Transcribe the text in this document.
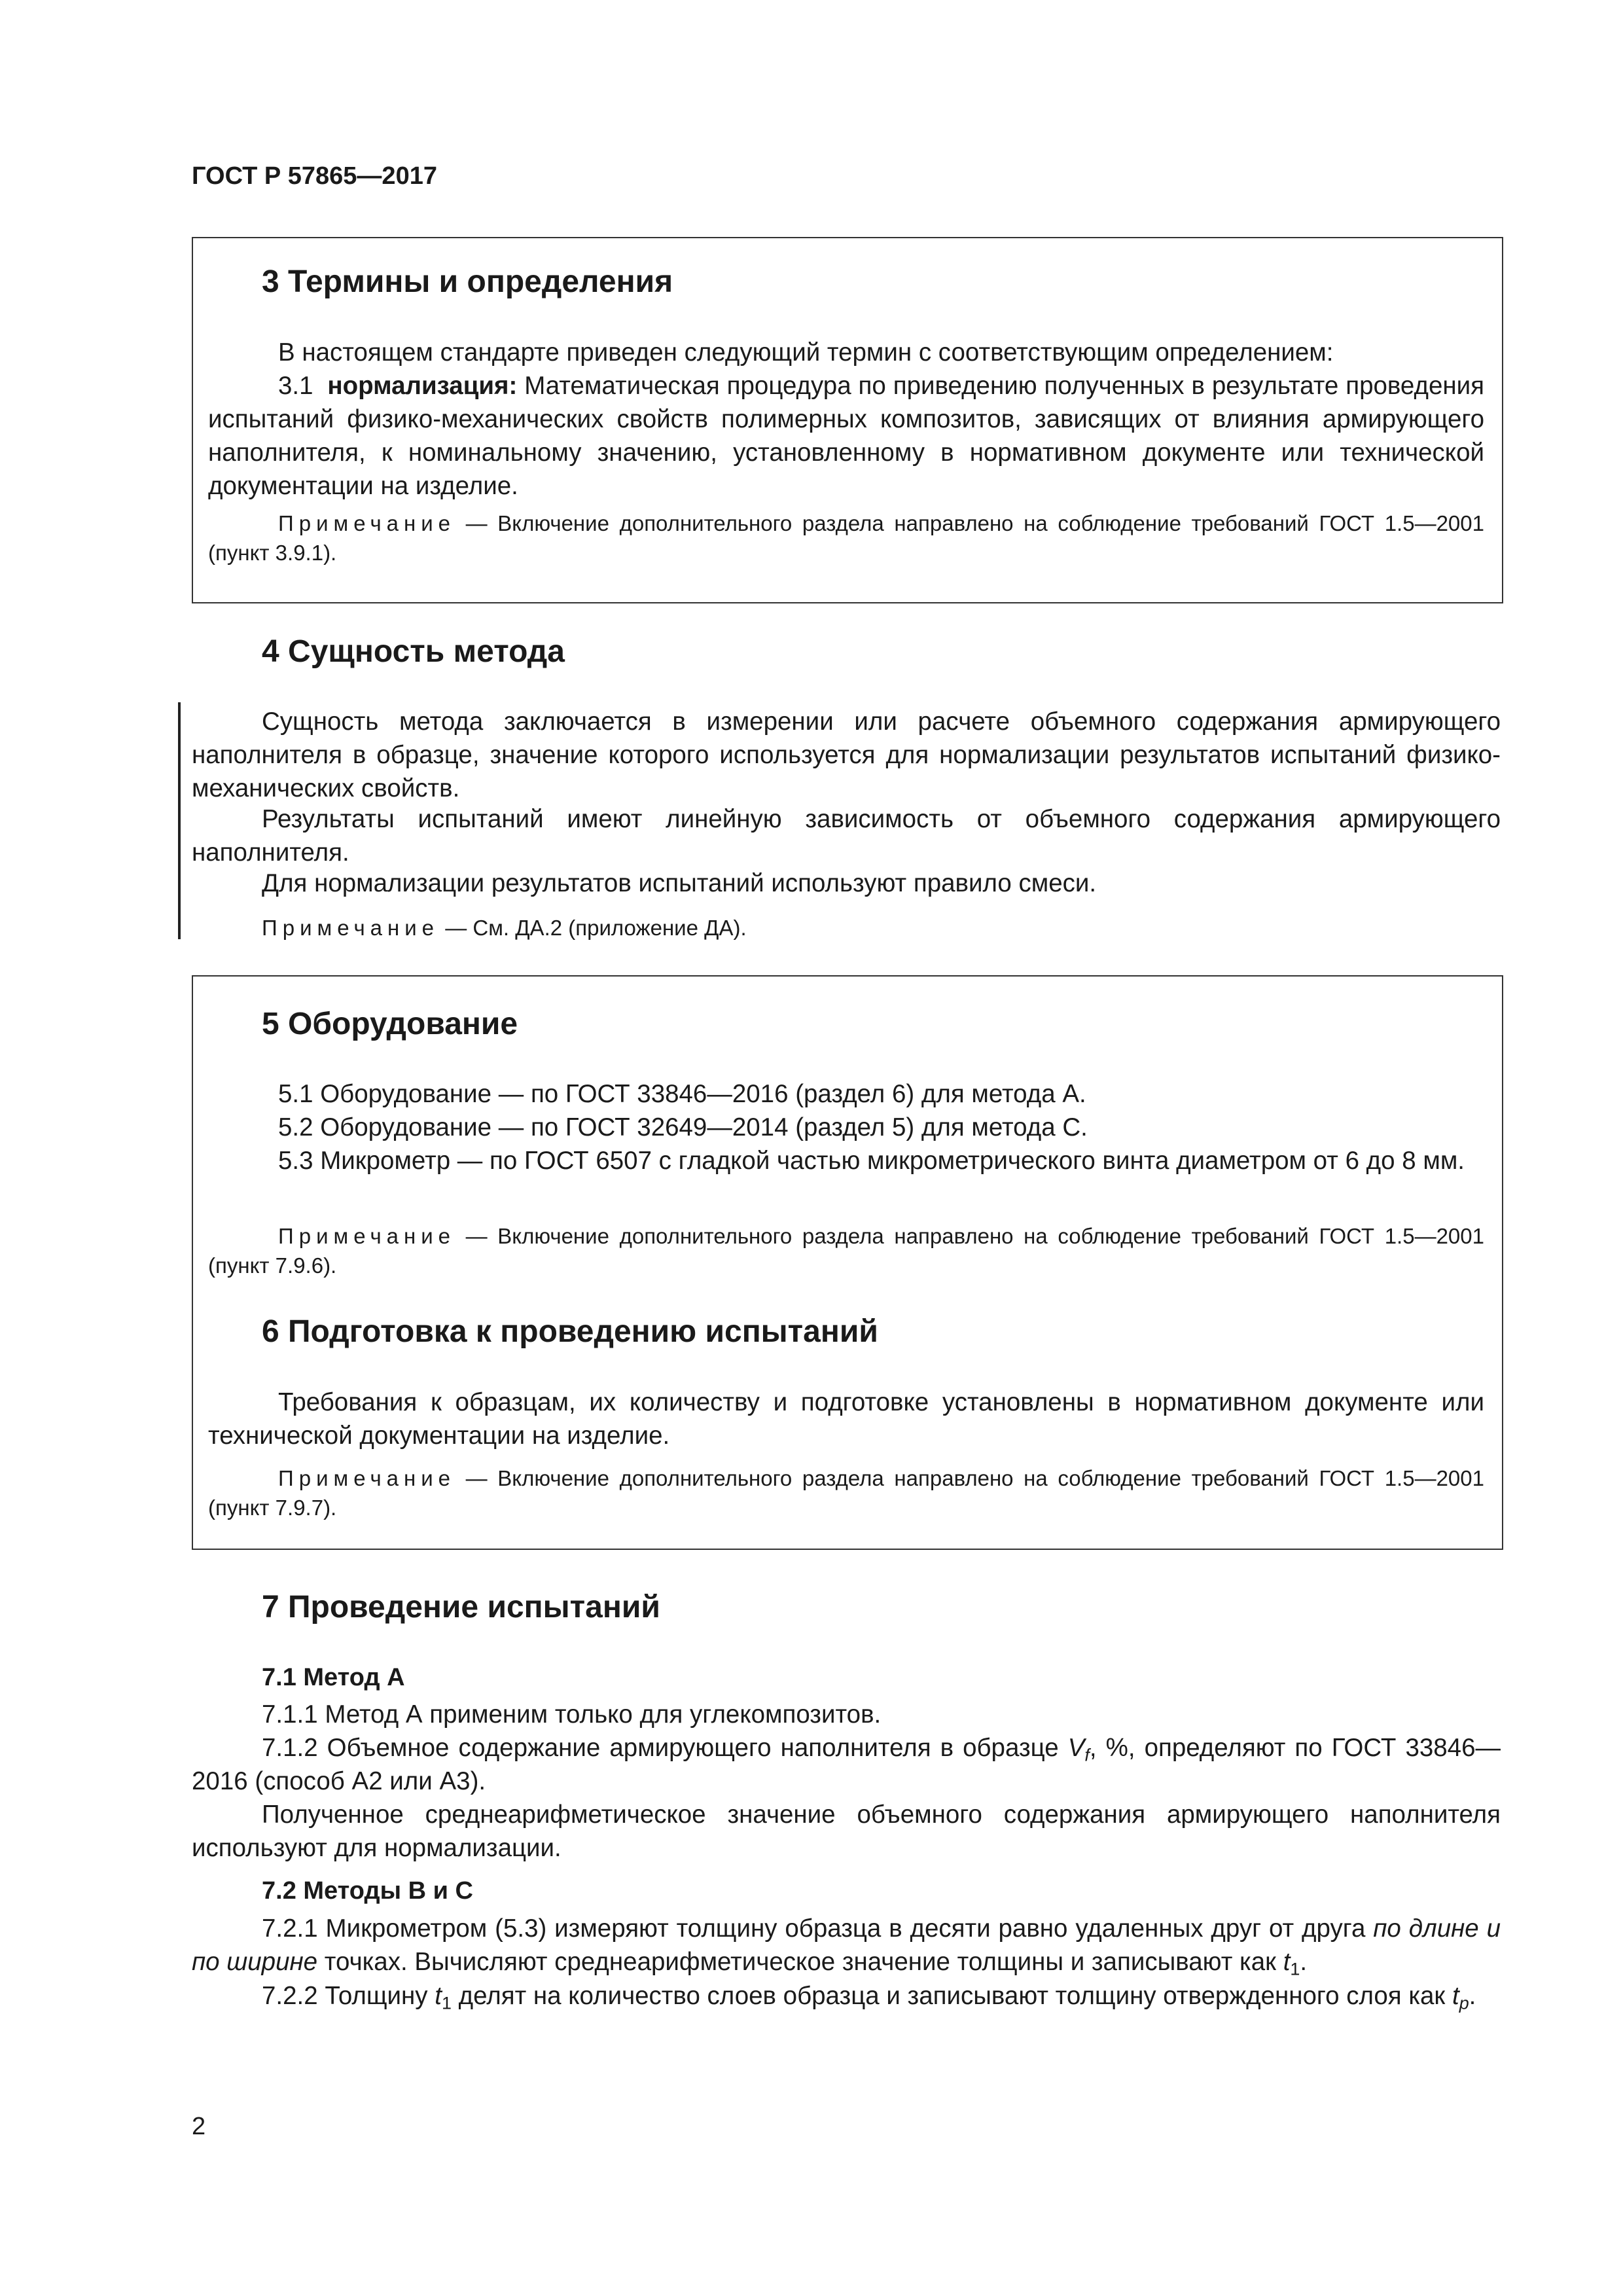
ГОСТ Р 57865—2017
3 Термины и определения

В настоящем стандарте приведен следующий термин с соответствующим определением:

3.1 нормализация: Математическая процедура по приведению полученных в результате проведения испытаний физико-механических свойств полимерных композитов, зависящих от влияния армирующего наполнителя, к номинальному значению, установленному в нормативном документе или технической документации на изделие.

Примечание — Включение дополнительного раздела направлено на соблюдение требований ГОСТ 1.5—2001 (пункт 3.9.1).

4 Сущность метода

Сущность метода заключается в измерении или расчете объемного содержания армирующего наполнителя в образце, значение которого используется для нормализации результатов испытаний физико-механических свойств.

Результаты испытаний имеют линейную зависимость от объемного содержания армирующего наполнителя.

Для нормализации результатов испытаний используют правило смеси.

Примечание — См. ДА.2 (приложение ДА).

5 Оборудование

5.1 Оборудование — по ГОСТ 33846—2016 (раздел 6) для метода А.

5.2 Оборудование — по ГОСТ 32649—2014 (раздел 5) для метода С.

5.3 Микрометр — по ГОСТ 6507 с гладкой частью микрометрического винта диаметром от 6 до 8 мм.

Примечание — Включение дополнительного раздела направлено на соблюдение требований ГОСТ 1.5—2001 (пункт 7.9.6).

6 Подготовка к проведению испытаний

Требования к образцам, их количеству и подготовке установлены в нормативном документе или технической документации на изделие.

Примечание — Включение дополнительного раздела направлено на соблюдение требований ГОСТ 1.5—2001 (пункт 7.9.7).

7 Проведение испытаний
7.1 Метод А

7.1.1 Метод А применим только для углекомпозитов.

7.1.2 Объемное содержание армирующего наполнителя в образце $V_f$, %, определяют по ГОСТ 33846—2016 (способ А2 или А3).

Полученное среднеарифметическое значение объемного содержания армирующего наполнителя используют для нормализации.

7.2 Методы В и С

7.2.1 Микрометром (5.3) измеряют толщину образца в десяти равно удаленных друг от друга по длине и по ширине точках. Вычисляют среднеарифметическое значение толщины и записывают как $t_1$.

7.2.2 Толщину $t_1$ делят на количество слоев образца и записывают толщину отвержденного слоя как $t_p$.

2
